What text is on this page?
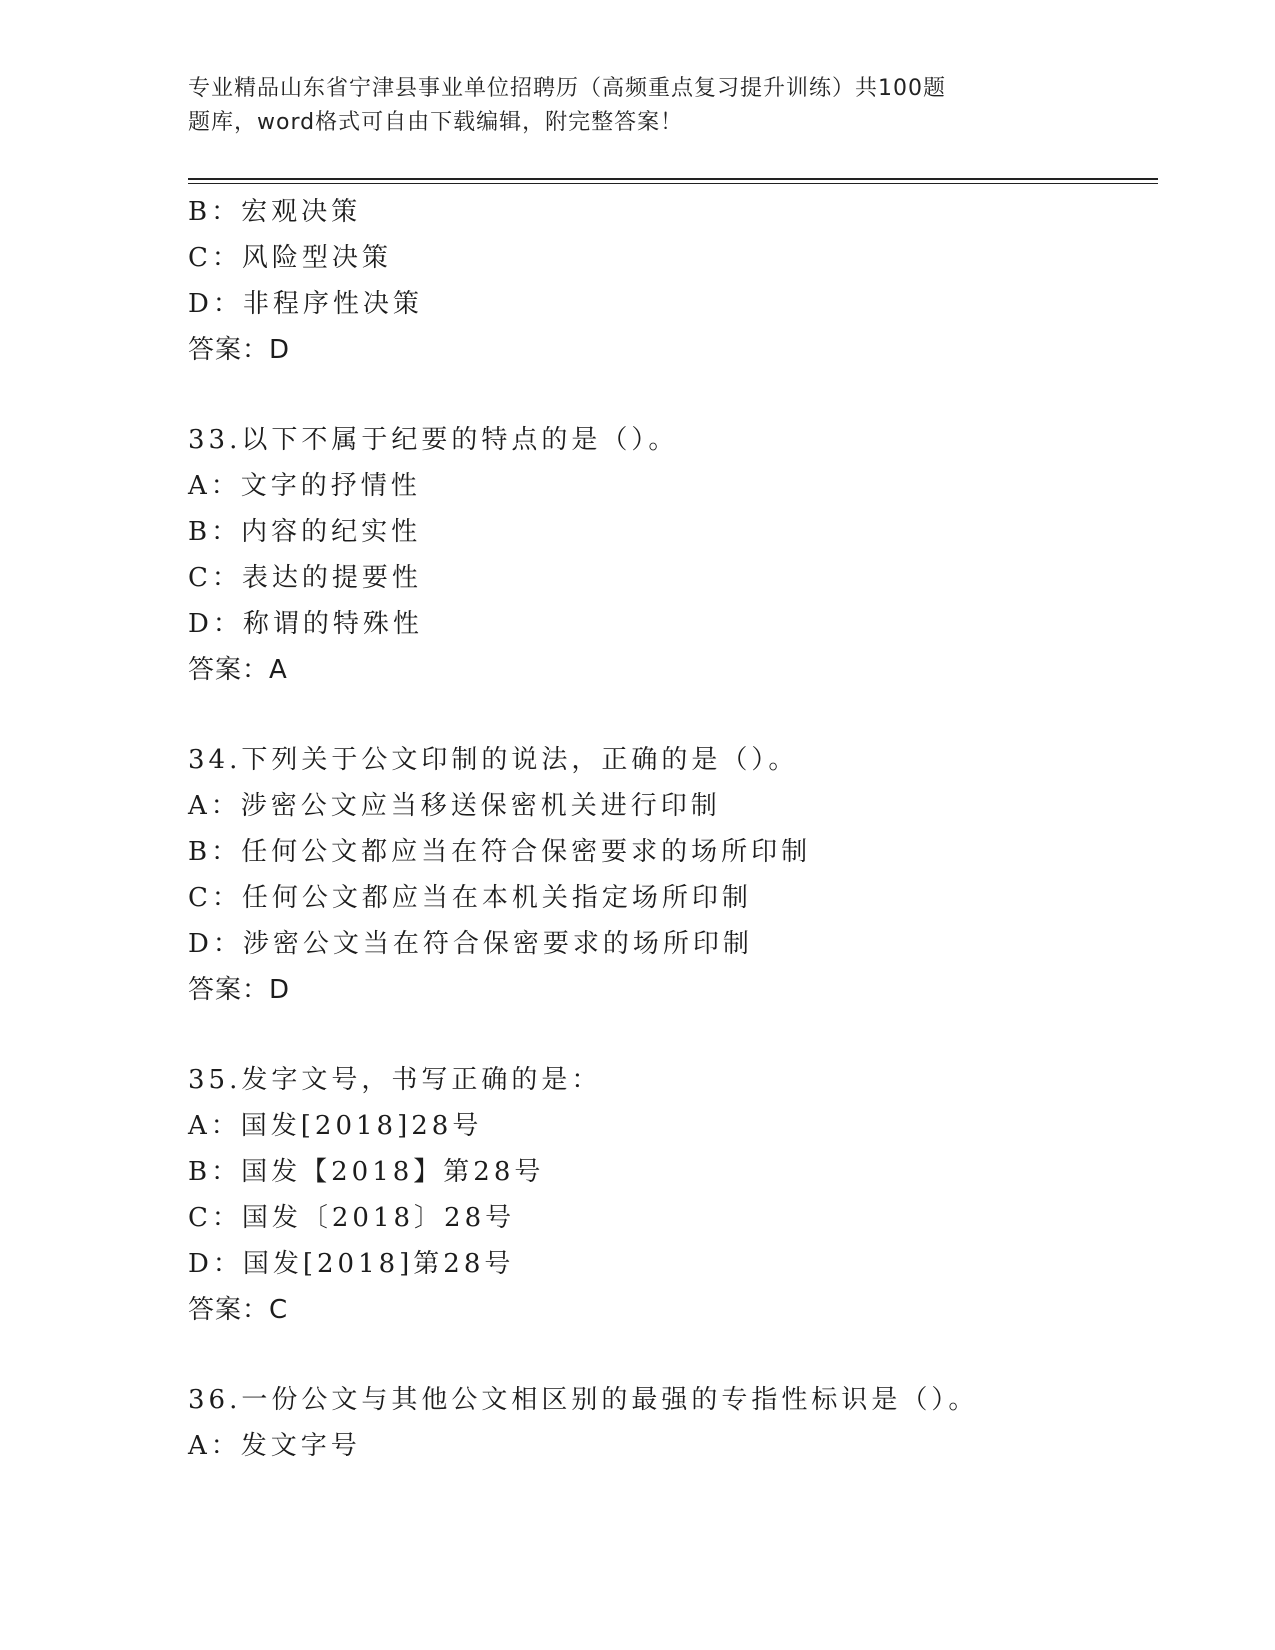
专业精品山东省宁津县事业单位招聘历（高频重点复习提升训练）共100题
题库，word格式可自由下载编辑，附完整答案！
B：宏观决策
C：风险型决策
D：非程序性决策
答案：D
33.以下不属于纪要的特点的是（）。
A：文字的抒情性
B：内容的纪实性
C：表达的提要性
D：称谓的特殊性
答案：A
34.下列关于公文印制的说法，正确的是（）。
A：涉密公文应当移送保密机关进行印制
B：任何公文都应当在符合保密要求的场所印制
C：任何公文都应当在本机关指定场所印制
D：涉密公文当在符合保密要求的场所印制
答案：D
35.发字文号，书写正确的是：
A：国发[2018]28号
B：国发【2018】第28号
C：国发〔2018〕28号
D：国发[2018]第28号
答案：C
36.一份公文与其他公文相区别的最强的专指性标识是（）。
A：发文字号
